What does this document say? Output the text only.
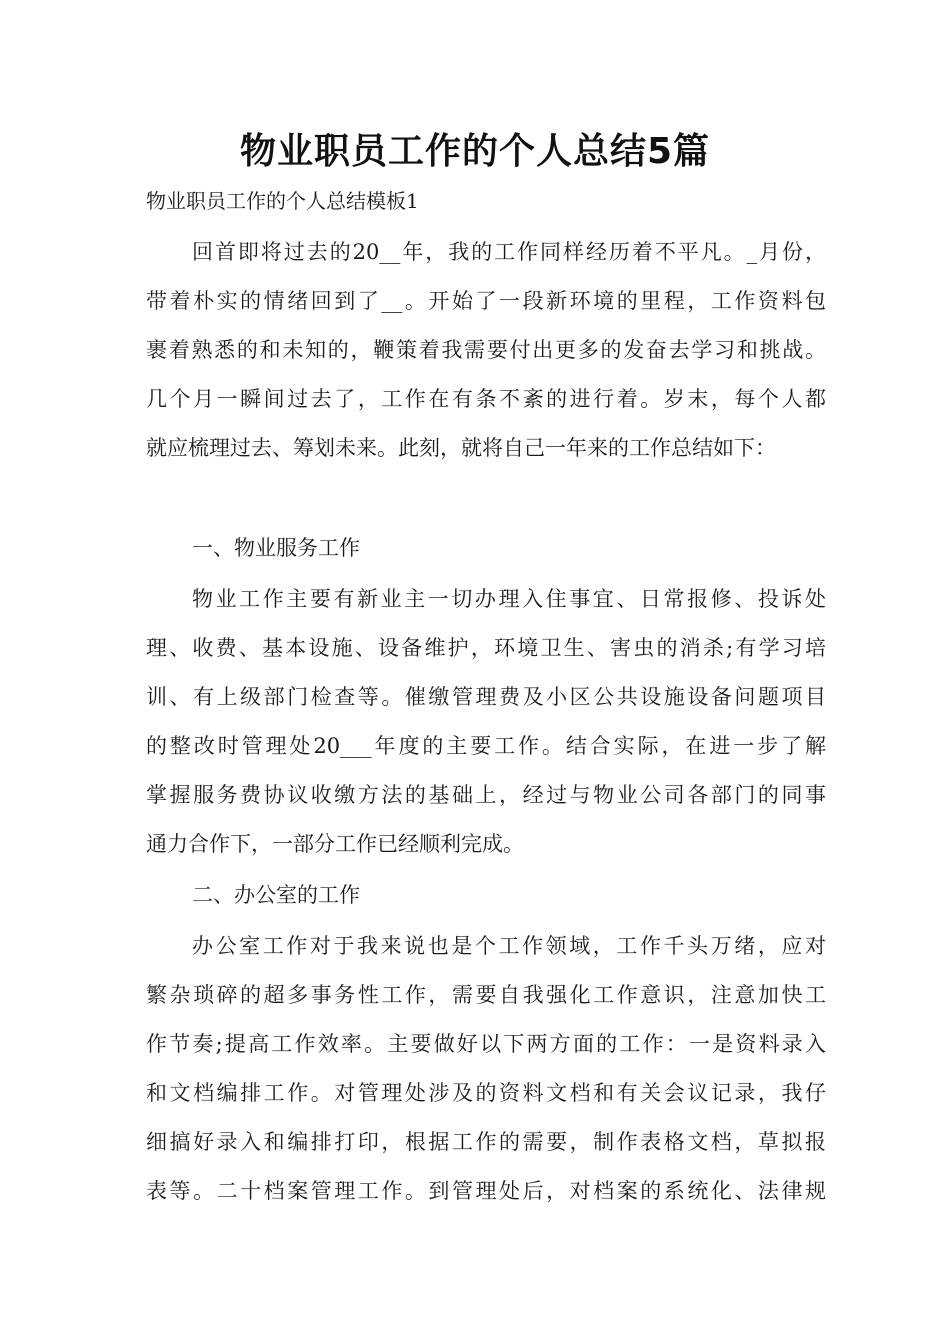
物业职员工作的个人总结5篇
物业职员工作的个人总结模板1
回首即将过去的20__年，我的工作同样经历着不平凡。_月份，
带着朴实的情绪回到了__。开始了一段新环境的里程，工作资料包
裹着熟悉的和未知的，鞭策着我需要付出更多的发奋去学习和挑战。
几个月一瞬间过去了，工作在有条不紊的进行着。岁末，每个人都
就应梳理过去、筹划未来。此刻，就将自己一年来的工作总结如下：
一、物业服务工作
物业工作主要有新业主一切办理入住事宜、日常报修、投诉处
理、收费、基本设施、设备维护，环境卫生、害虫的消杀;有学习培
训、有上级部门检查等。催缴管理费及小区公共设施设备问题项目
的整改时管理处20___年度的主要工作。结合实际，在进一步了解
掌握服务费协议收缴方法的基础上，经过与物业公司各部门的同事
通力合作下，一部分工作已经顺利完成。
二、办公室的工作
办公室工作对于我来说也是个工作领域，工作千头万绪，应对
繁杂琐碎的超多事务性工作，需要自我强化工作意识，注意加快工
作节奏;提高工作效率。主要做好以下两方面的工作：一是资料录入
和文档编排工作。对管理处涉及的资料文档和有关会议记录，我仔
细搞好录入和编排打印，根据工作的需要，制作表格文档，草拟报
表等。二十档案管理工作。到管理处后，对档案的系统化、法律规
